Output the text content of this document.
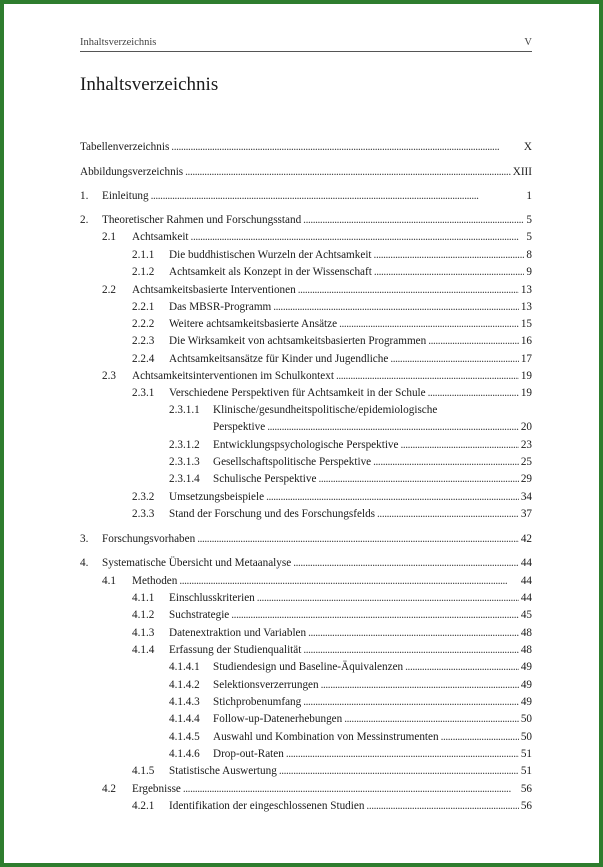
Inhaltsverzeichnis	V
Inhaltsverzeichnis
Tabellenverzeichnis . . .	X
Abbildungsverzeichnis . . .	XIII
1. Einleitung . . .	1
2. Theoretischer Rahmen und Forschungsstand . . .	5
2.1 Achtsamkeit . . .	5
2.1.1 Die buddhistischen Wurzeln der Achtsamkeit . . .	8
2.1.2 Achtsamkeit als Konzept in der Wissenschaft . . .	9
2.2 Achtsamkeitsbasierte Interventionen . . .	13
2.2.1 Das MBSR-Programm . . .	13
2.2.2 Weitere achtsamkeitsbasierte Ansätze . . .	15
2.2.3 Die Wirksamkeit von achtsamkeitsbasierten Programmen . . .	16
2.2.4 Achtsamkeitsansätze für Kinder und Jugendliche . . .	17
2.3 Achtsamkeitsinterventionen im Schulkontext . . .	19
2.3.1 Verschiedene Perspektiven für Achtsamkeit in der Schule . . .	19
2.3.1.1 Klinische/gesundheitspolitische/epidemiologische
Perspektive . . .	20
2.3.1.2 Entwicklungspsychologische Perspektive . . .	23
2.3.1.3 Gesellschaftspolitische Perspektive . . .	25
2.3.1.4 Schulische Perspektive . . .	29
2.3.2 Umsetzungsbeispiele . . .	34
2.3.3 Stand der Forschung und des Forschungsfelds . . .	37
3. Forschungsvorhaben . . .	42
4. Systematische Übersicht und Metaanalyse . . .	44
4.1 Methoden . . .	44
4.1.1 Einschlusskriterien . . .	44
4.1.2 Suchstrategie . . .	45
4.1.3 Datenextraktion und Variablen . . .	48
4.1.4 Erfassung der Studienqualität . . .	48
4.1.4.1 Studiendesign und Baseline-Äquivalenzen . . .	49
4.1.4.2 Selektionsverzerrungen . . .	49
4.1.4.3 Stichprobenumfang . . .	49
4.1.4.4 Follow-up-Datenerhebungen . . .	50
4.1.4.5 Auswahl und Kombination von Messinstrumenten . . .	50
4.1.4.6 Drop-out-Raten . . .	51
4.1.5 Statistische Auswertung . . .	51
4.2 Ergebnisse . . .	56
4.2.1 Identifikation der eingeschlossenen Studien . . .	56
